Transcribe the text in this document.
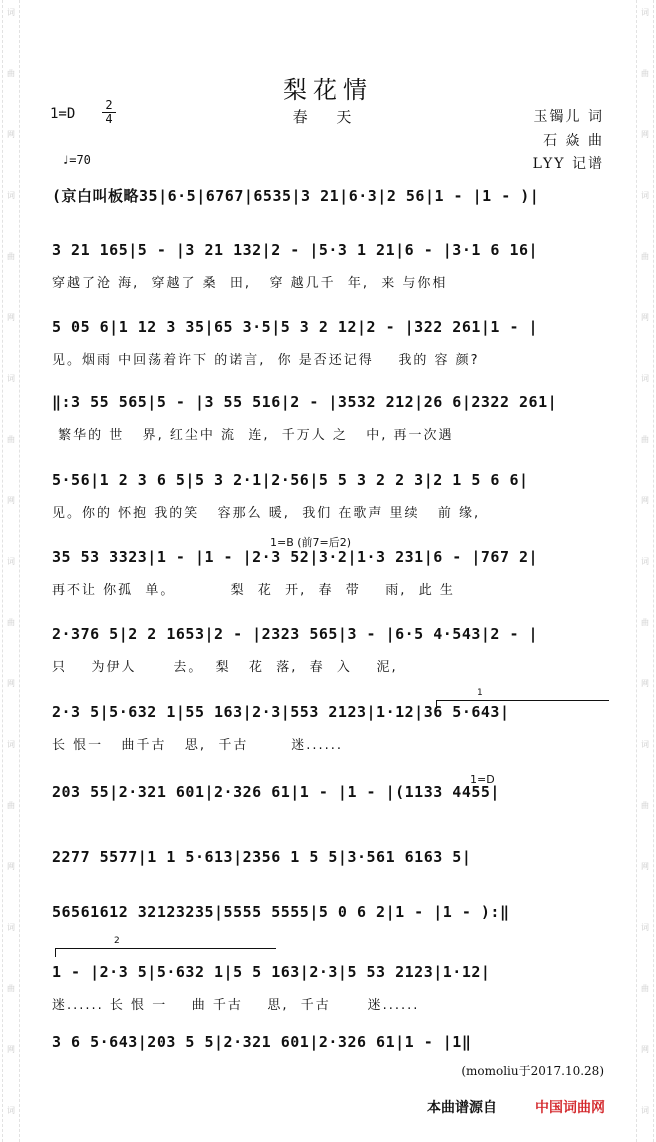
词
曲
网
词
曲
网
词
曲
网
词
曲
网
词
曲
网
词
曲
网
词
词
曲
网
词
曲
网
词
曲
网
词
曲
网
词
曲
网
词
曲
网
词
梨花情
春 天
1=D
2
4	玉镯儿 词
石 焱 曲
LYY 记谱
♩=70
1=B (前7=后2)
1=D
1
2
(京白叫板略35|6·5|6767|6535|3 21|6·3|2 56|1 - |1 - )|
3 21 165|5 - |3 21 132|2 - |5·3 1 21|6 - |3·1 6 16|
穿越了沧 海,  穿越了 桑  田,   穿 越几千  年,  来 与你相
5 05 6|1 12 3 35|65 3·5|5 3 2 12|2 - |322 261|1 - |
见。烟雨 中回荡着许下 的诺言,  你 是否还记得    我的 容 颜?
‖:3 55 565|5 - |3 55 516|2 - |3532 212|26 6|2322 261|
繁华的 世   界, 红尘中 流  连,  千万人 之   中, 再一次遇
5·56|1 2 3 6 5|5 3 2·1|2·56|5 5 3 2 2 3|2 1 5 6 6|
见。你的 怀抱 我的笑   容那么 暖,  我们 在歌声 里续   前 缘,
35 53 3323|1 - |1 - |2·3 52|3·2|1·3 231|6 - |767 2|
再不让 你孤  单。         梨  花  开,  春  带    雨,  此 生
2·376 5|2 2 1653|2 - |2323 565|3 - |6·5 4·543|2 - |
只    为伊人      去。  梨   花  落,  春  入    泥,
2·3 5|5·632 1|55 163|2·3|553 2123|1·12|36 5·643|
长 恨一   曲千古   思,  千古       迷......
203 55|2·321 601|2·326 61|1 - |1 - |(1133 4455|
2277 5577|1 1 5·613|2356 1 5 5|3·561 6163 5|
56561612 32123235|5555 5555|5 0 6 2|1 - |1 - ):‖
1 - |2·3 5|5·632 1|5 5 163|2·3|5 53 2123|1·12|
迷...... 长 恨 一    曲 千古    思,  千古      迷......
3 6 5·643|203 5 5|2·321 601|2·326 61|1 - |1‖
(momoliu于2017.10.28)
本曲谱源自	中国词曲网
